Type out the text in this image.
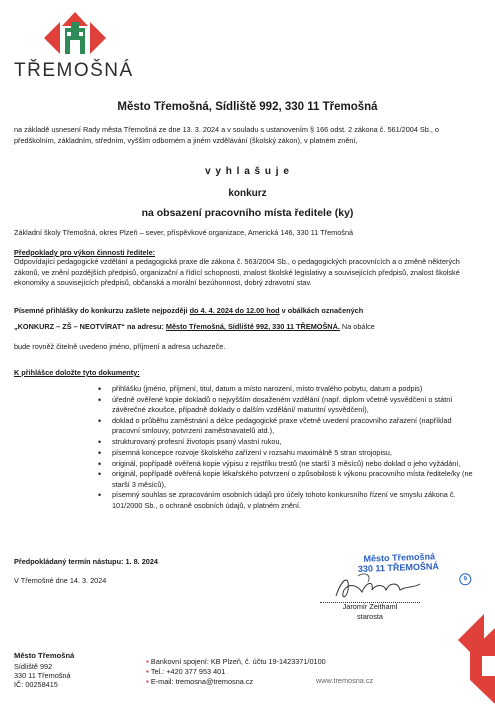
TŘEMOŠNÁ
Město Třemošná, Sídliště 992, 330 11 Třemošná
na základě usnesení Rady města Třemošná ze dne 13. 3. 2024 a v souladu s ustanovením § 166 odst. 2 zákona č. 561/2004 Sb., o předškolním, základním, středním, vyšším odborném a jiném vzdělávání (školský zákon), v platném znění,
v y h l a š u j e
konkurz
na obsazení pracovního místa ředitele (ky)
Základní školy Třemošná, okres Plzeň – sever, příspěvkové organizace, Americká 146, 330 11 Třemošná
Předpoklady pro výkon činnosti ředitele:
Odpovídající pedagogické vzdělání a pedagogická praxe dle zákona č. 563/2004 Sb., o pedagogických pracovnících a o změně některých zákonů, ve znění pozdějších předpisů, organizační a řídící schopnosti, znalost školské legislativy a souvisejících předpisů, znalost školské ekonomiky a souvisejících předpisů, občanská a morální bezúhonnost, dobrý zdravotní stav.
Písemné přihlášky do konkurzu zašlete nejpozději do 4. 4. 2024 do 12.00 hod v obálkách označených
„KONKURZ – ZŠ – NEOTVÍRAT“ na adresu: Město Třemošná, Sídliště 992, 330 11 TŘEMOŠNÁ. Na obálce
bude rovněž čitelně uvedeno jméno, příjmení a adresa uchazeče.
K přihlášce doložte tyto dokumenty:
• přihlášku (jméno, příjmení, titul, datum a místo narození, místo trvalého pobytu, datum a podpis)
• úředně ověřené kopie dokladů o nejvyšším dosaženém vzdělání (např. diplom včetně vysvědčení o státní závěrečné zkoušce, případně doklady o dalším vzdělání/ maturitní vysvědčení),
• doklad o průběhu zaměstnání a délce pedagogické praxe včetně uvedení pracovního zařazení (například pracovní smlouvy, potvrzení zaměstnavatelů atd.),
• strukturovaný profesní životopis psaný vlastní rukou,
• písemná koncepce rozvoje školského zařízení v rozsahu maximálně 5 stran strojopisu,
• originál, popřípadě ověřená kopie výpisu z rejstříku trestů (ne starší 3 měsíců) nebo doklad o jeho vyžádání,
• originál, popřípadě ověřená kopie lékařského potvrzení o způsobilosti k výkonu pracovního místa ředitele/ky (ne starší 3 měsíců),
• písemný souhlas se zpracováním osobních údajů pro účely tohoto konkursního řízení ve smyslu zákona č. 101/2000 Sb., o ochraně osobních údajů, v platném znění.
Předpokládaný termín nástupu: 1. 8. 2024
V Třemošné dne 14. 3. 2024
Město Třemošná
330 11 TŘEMOŠNÁ
9
Jaromír Zeithaml
starosta
Město Třemošná
Sídliště 992
330 11 Třemošná
IČ: 00258415
▪ Bankovní spojení: KB Plzeň, č. účtu 19-1423371/0100
▪ Tel.: +420 377 953 401
▪ E-mail: tremosna@tremosna.cz	www.tremosna.cz
